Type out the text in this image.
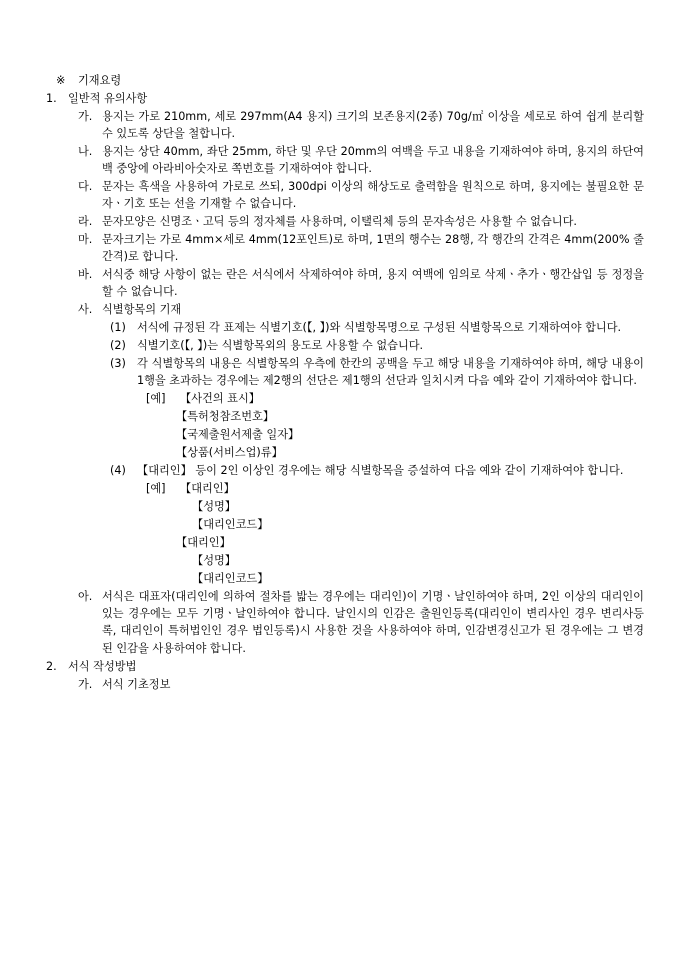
※	기재요령
1.	일반적 유의사항
가. 용지는 가로 210mm, 세로 297mm(A4 용지) 크기의 보존용지(2종) 70g/㎡ 이상을 세로로 하여 쉽게 분리할 수 있도록 상단을 철합니다.
나. 용지는 상단 40mm, 좌단 25mm, 하단 및 우단 20mm의 여백을 두고 내용을 기재하여야 하며, 용지의 하단여백 중앙에 아라비아숫자로 쪽번호를 기재하여야 합니다.
다. 문자는 흑색을 사용하여 가로로 쓰되, 300dpi 이상의 해상도로 출력함을 원칙으로 하며, 용지에는 불필요한 문자ㆍ기호 또는 선을 기재할 수 없습니다.
라. 문자모양은 신명조ㆍ고딕 등의 정자체를 사용하며, 이탤릭체 등의 문자속성은 사용할 수 없습니다.
마. 문자크기는 가로 4mm×세로 4mm(12포인트)로 하며, 1면의 행수는 28행, 각 행간의 간격은 4mm(200% 줄간격)로 합니다.
바. 서식중 해당 사항이 없는 란은 서식에서 삭제하여야 하며, 용지 여백에 임의로 삭제ㆍ추가ㆍ행간삽입 등 정정을 할 수 없습니다.
사. 식별항목의 기재
(1) 서식에 규정된 각 표제는 식별기호(【, 】)와 식별항목명으로 구성된 식별항목으로 기재하여야 합니다.
(2) 식별기호(【, 】)는 식별항목외의 용도로 사용할 수 없습니다.
(3) 각 식별항목의 내용은 식별항목의 우측에 한칸의 공백을 두고 해당 내용을 기재하여야 하며, 해당 내용이 1행을 초과하는 경우에는 제2행의 선단은 제1행의 선단과 일치시켜 다음 예와 같이 기재하여야 합니다.
[예]	【사건의 표시】
【특허청참조번호】
【국제출원서제출 일자】
【상품(서비스업)류】
(4) 【대리인】 등이 2인 이상인 경우에는 해당 식별항목을 증설하여 다음 예와 같이 기재하여야 합니다.
[예]	【대리인】
【성명】
【대리인코드】
【대리인】
【성명】
【대리인코드】
아. 서식은 대표자(대리인에 의하여 절차를 밟는 경우에는 대리인)이 기명ㆍ날인하여야 하며, 2인 이상의 대리인이 있는 경우에는 모두 기명ㆍ날인하여야 합니다. 날인시의 인감은 출원인등록(대리인이 변리사인 경우 변리사등록, 대리인이 특허법인인 경우 법인등록)시 사용한 것을 사용하여야 하며, 인감변경신고가 된 경우에는 그 변경된 인감을 사용하여야 합니다.
2.	서식 작성방법
가. 서식 기초정보
